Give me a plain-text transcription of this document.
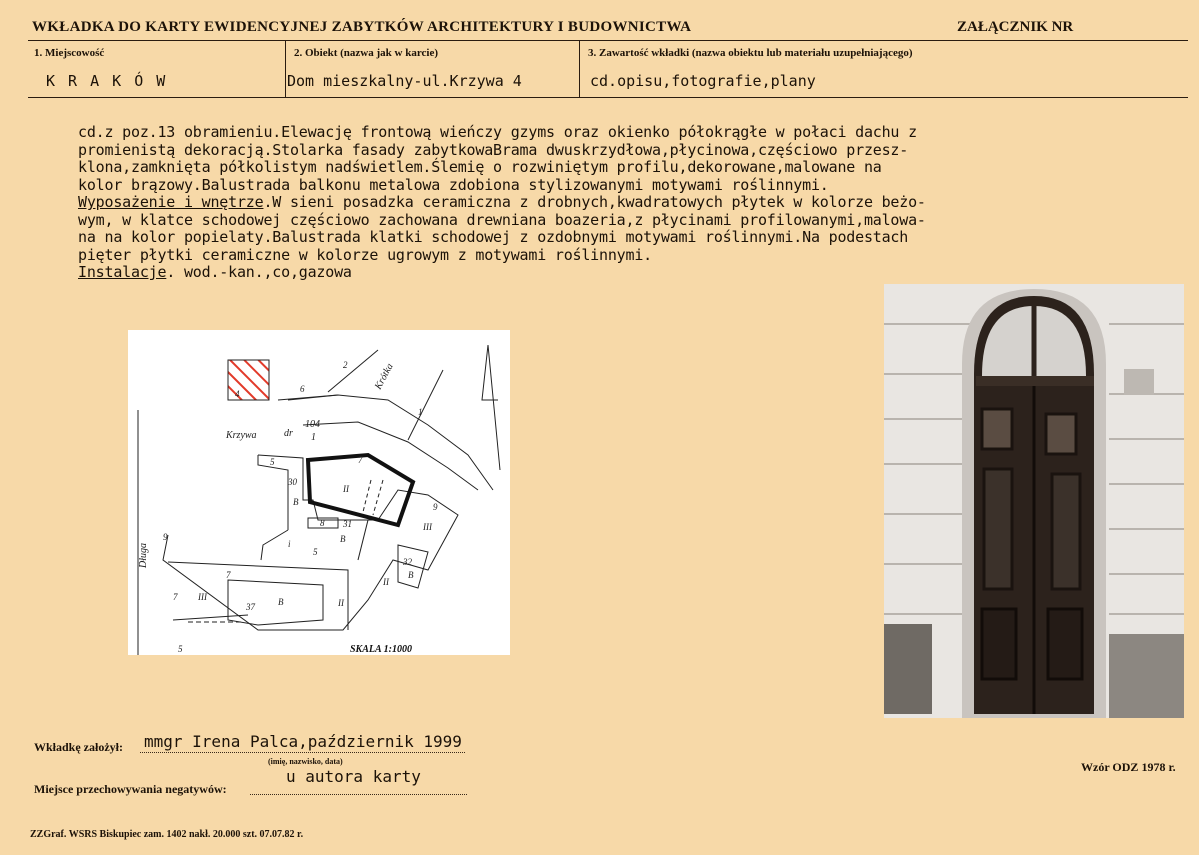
WKŁADKA DO KARTY EWIDENCYJNEJ ZABYTKÓW ARCHITEKTURY I BUDOWNICTWA	ZAŁĄCZNIK NR
1. Miejscowość
K R A K Ó W
2. Obiekt (nazwa jak w karcie)
Dom mieszkalny-ul.Krzywa 4
3. Zawartość wkładki (nazwa obiektu lub materiału uzupełniającego)
cd.opisu,fotografie,plany
cd.z poz.13 obramieniu.Elewację frontową wieńczy gzyms oraz okienko półokrągłe w połaci dachu z
promienistą dekoracją.Stolarka fasady zabytkowaBrama dwuskrzydłowa,płycinowa,częściowo przesz-
klona,zamknięta półkolistym nadświetlem.Ślemię o rozwiniętym profilu,dekorowane,malowane na
kolor brązowy.Balustrada balkonu metalowa zdobiona stylizowanymi motywami roślinnymi.
Wyposażenie i wnętrze.W sieni posadzka ceramiczna z drobnych,kwadratowych płytek w kolorze beżo-
wym, w klatce schodowej częściowo zachowana drewniana boazeria,z płycinami profilowanymi,malowa-
na na kolor popielaty.Balustrada klatki schodowej z ozdobnymi motywami roślinnymi.Na podestach
pięter płytki ceramiczne w kolorze ugrowym z motywami roślinnymi.
Instalacje. wod.-kan.,co,gazowa
4
2
6
1
5
30
B
II
7
8 31
B
9
III
5
i
32
B
II
9
7
III
37	B	II
7
5
Krzywa	dr
104
1
Krótka
Długa
SKALA 1:1000
Wkładkę założył: mmgr Irena Palca,październik 1999
(imię, nazwisko, data)
u autora karty
Miejsce przechowywania negatywów:
Wzór ODZ 1978 r.
ZZGraf. WSRS Biskupiec zam. 1402 nakł. 20.000 szt. 07.07.82 r.
